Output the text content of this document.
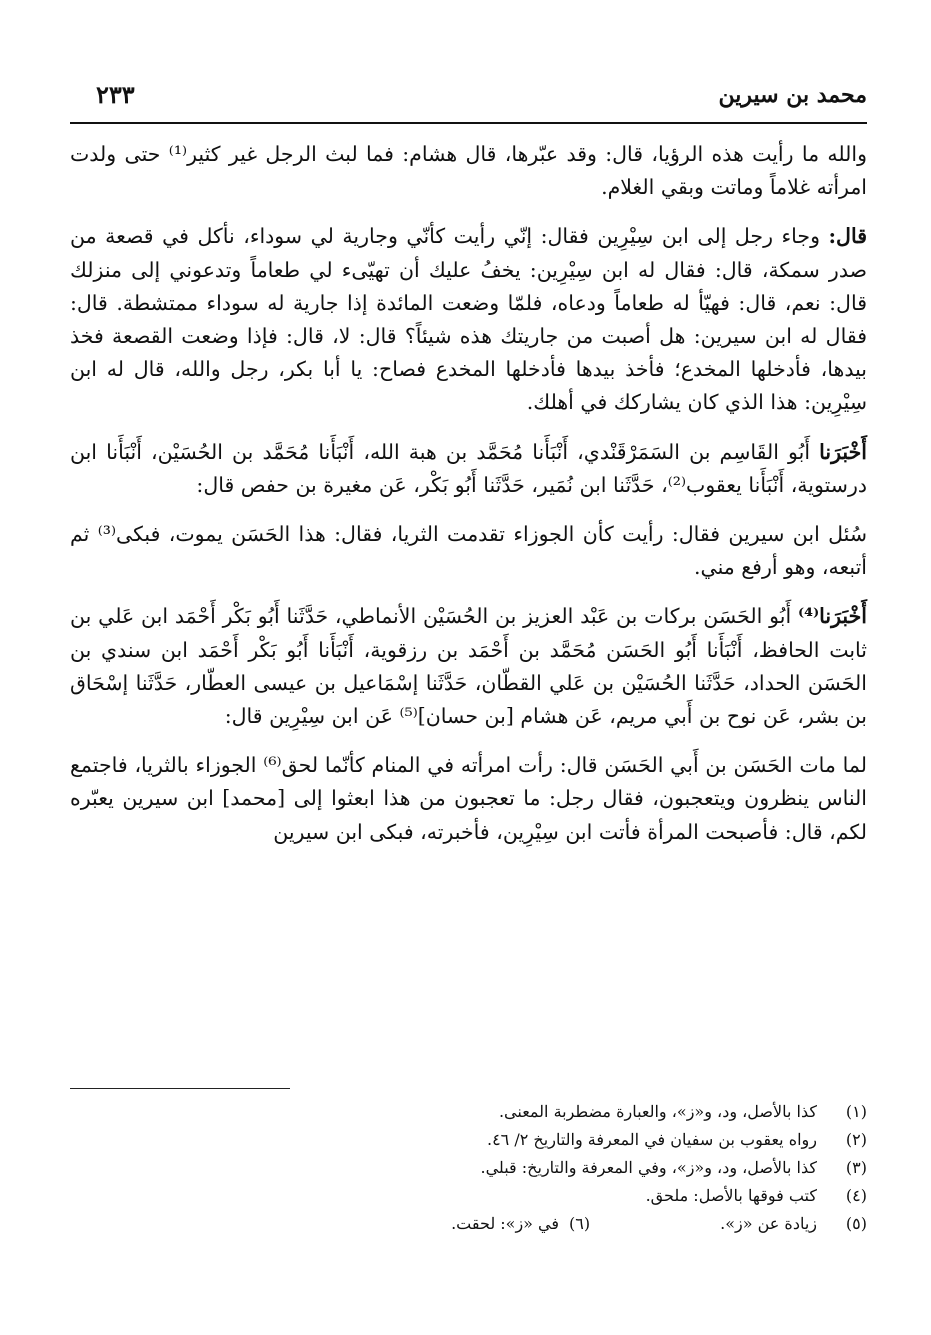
محمد بن سيرين
٢٣٣

والله ما رأيت هذه الرؤيا، قال: وقد عبّرها، قال هشام: فما لبث الرجل غير كثير⁽¹⁾ حتى ولدت امرأته غلاماً وماتت وبقي الغلام.

قال: وجاء رجل إلى ابن سِيْرِين فقال: إنّي رأيت كأنّي وجارية لي سوداء، نأكل في قصعة من صدر سمكة، قال: فقال له ابن سِيْرِين: يخفُ عليك أن تهيّىء لي طعاماً وتدعوني إلى منزلك قال: نعم، قال: فهيّأ له طعاماً ودعاه، فلمّا وضعت المائدة إذا جارية له سوداء ممتشطة. قال: فقال له ابن سيرين: هل أصبت من جاريتك هذه شيئاً؟ قال: لا، قال: فإذا وضعت القصعة فخذ بيدها، فأدخلها المخدع؛ فأخذ بيدها فأدخلها المخدع فصاح: يا أبا بكر، رجل والله، قال له ابن سِيْرِين: هذا الذي كان يشاركك في أهلك.

أَخْبَرَنا أَبُو القَاسِم بن السَمَرْقَنْدي، أَنْبَأَنا مُحَمَّد بن هبة الله، أَنْبَأَنا مُحَمَّد بن الحُسَيْن، أَنْبَأَنا ابن درستوية، أَنْبَأَنا يعقوب⁽²⁾، حَدَّثَنا ابن نُمَير، حَدَّثَنا أَبُو بَكْر، عَن مغيرة بن حفص قال:

سُئل ابن سيرين فقال: رأيت كأن الجوزاء تقدمت الثريا، فقال: هذا الحَسَن يموت، فبكى⁽³⁾ ثم أتبعه، وهو أرفع مني.

أَخْبَرَنا⁽⁴⁾ أَبُو الحَسَن بركات بن عَبْد العزيز بن الحُسَيْن الأنماطي، حَدَّثَنا أَبُو بَكْر أَحْمَد ابن عَلي بن ثابت الحافظ، أَنْبَأَنا أَبُو الحَسَن مُحَمَّد بن أَحْمَد بن رزقوية، أَنْبَأَنا أَبُو بَكْر أَحْمَد ابن سندي بن الحَسَن الحداد، حَدَّثَنا الحُسَيْن بن عَلي القطّان، حَدَّثَنا إسْمَاعيل بن عيسى العطّار، حَدَّثَنا إسْحَاق بن بشر، عَن نوح بن أَبي مريم، عَن هشام [بن حسان]⁽⁵⁾ عَن ابن سِيْرِين قال:

لما مات الحَسَن بن أَبي الحَسَن قال: رأت امرأته في المنام كأنّما لحق⁽⁶⁾ الجوزاء بالثريا، فاجتمع الناس ينظرون ويتعجبون، فقال رجل: ما تعجبون من هذا ابعثوا إلى [محمد] ابن سيرين يعبّره لكم، قال: فأصبحت المرأة فأتت ابن سِيْرِين، فأخبرته، فبكى ابن سيرين

(١)
كذا بالأصل، ود، و«ز»، والعبارة مضطربة المعنى.
(٢)
رواه يعقوب بن سفيان في المعرفة والتاريخ ٢/ ٤٦.
(٣)
كذا بالأصل، ود، و«ز»، وفي المعرفة والتاريخ: قبلي.
(٤)
كتب فوقها بالأصل: ملحق.
(٥)
زيادة عن «ز».
(٦)
في «ز»: لحقت.
